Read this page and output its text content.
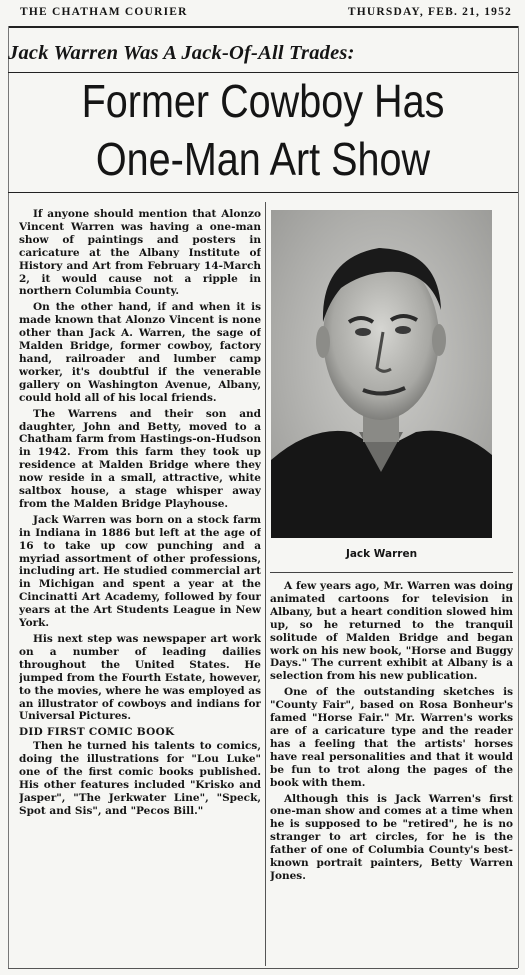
THE CHATHAM COURIER	THURSDAY, FEB. 21, 1952
Jack Warren Was A Jack-Of-All Trades:
Former Cowboy Has
One-Man Art Show

If anyone should mention that Alonzo Vincent Warren was having a one-man show of paintings and posters in caricature at the Albany Institute of History and Art from February 14-March 2, it would cause not a ripple in northern Columbia County.

On the other hand, if and when it is made known that Alonzo Vincent is none other than Jack A. Warren, the sage of Malden Bridge, former cowboy, factory hand, railroader and lumber camp worker, it's doubtful if the venerable gallery on Washington Avenue, Albany, could hold all of his local friends.

The Warrens and their son and daughter, John and Betty, moved to a Chatham farm from Hastings-on-Hudson in 1942. From this farm they took up residence at Malden Bridge where they now reside in a small, attractive, white saltbox house, a stage whisper away from the Malden Bridge Playhouse.

Jack Warren was born on a stock farm in Indiana in 1886 but left at the age of 16 to take up cow punching and a myriad assortment of other professions, including art. He studied commercial art in Michigan and spent a year at the Cincinatti Art Academy, followed by four years at the Art Students League in New York.

His next step was newspaper art work on a number of leading dailies throughout the United States. He jumped from the Fourth Estate, however, to the movies, where he was employed as an illustrator of cowboys and indians for Universal Pictures.

DID FIRST COMIC BOOK

Then he turned his talents to comics, doing the illustrations for "Lou Luke" one of the first comic books published. His other features included "Krisko and Jasper", "The Jerkwater Line", "Speck, Spot and Sis", and "Pecos Bill."

Jack Warren

A few years ago, Mr. Warren was doing animated cartoons for television in Albany, but a heart condition slowed him up, so he returned to the tranquil solitude of Malden Bridge and began work on his new book, "Horse and Buggy Days." The current exhibit at Albany is a selection from his new publication.

One of the outstanding sketches is "County Fair", based on Rosa Bonheur's famed "Horse Fair." Mr. Warren's works are of a caricature type and the reader has a feeling that the artists' horses have real personalities and that it would be fun to trot along the pages of the book with them.

Although this is Jack Warren's first one-man show and comes at a time when he is supposed to be "retired", he is no stranger to art circles, for he is the father of one of Columbia County's best-known portrait painters, Betty Warren Jones.
